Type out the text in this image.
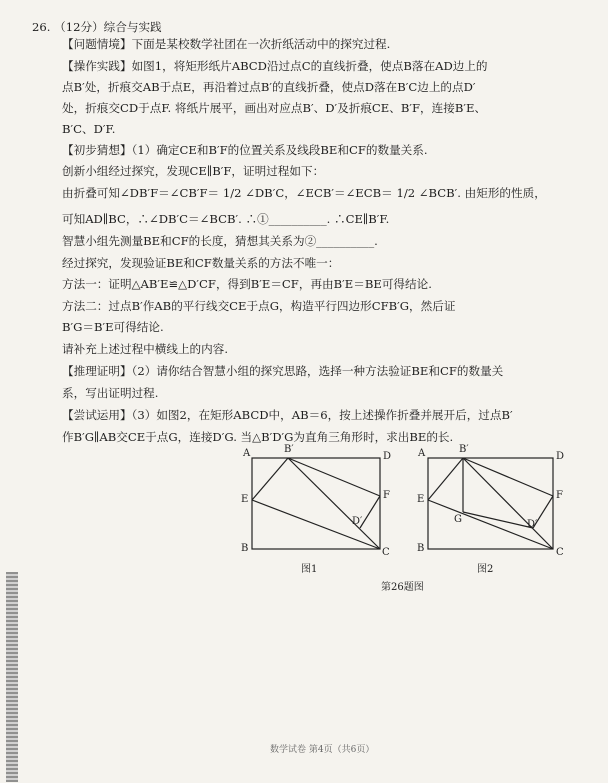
26. （12分）综合与实践
【问题情境】下面是某校数学社团在一次折纸活动中的探究过程.
【操作实践】如图1，将矩形纸片ABCD沿过点C的直线折叠，使点B落在AD边上的
点B′处，折痕交AB于点E，再沿着过点B′的直线折叠，使点D落在B′C边上的点D′
处，折痕交CD于点F. 将纸片展平，画出对应点B′、D′及折痕CE、B′F，连接B′E、
B′C、D′F.
【初步猜想】（1）确定CE和B′F的位置关系及线段BE和CF的数量关系.
创新小组经过探究，发现CE∥B′F，证明过程如下：
由折叠可知∠DB′F＝∠CB′F＝ 1/2 ∠DB′C，∠ECB′＝∠ECB＝ 1/2 ∠BCB′. 由矩形的性质，
可知AD∥BC，∴∠DB′C＝∠BCB′. ∴①__________. ∴CE∥B′F.
智慧小组先测量BE和CF的长度，猜想其关系为②__________.
经过探究，发现验证BE和CF数量关系的方法不唯一：
方法一：证明△AB′E≌△D′CF，得到B′E＝CF，再由B′E＝BE可得结论.
方法二：过点B′作AB的平行线交CE于点G，构造平行四边形CFB′G，然后证
B′G＝B′E可得结论.
请补充上述过程中横线上的内容.
【推理证明】（2）请你结合智慧小组的探究思路，选择一种方法验证BE和CF的数量关
系，写出证明过程.
【尝试运用】（3）如图2，在矩形ABCD中，AB＝6，按上述操作折叠并展开后，过点B′
作B′G∥AB交CE于点G，连接D′G. 当△B′D′G为直角三角形时，求出BE的长.
A	B′
D
E	F
D′
B	C
图1
A	B′
D
E	F
G	D′
B	C
图2
第26题图
数学试卷 第4页（共6页）
